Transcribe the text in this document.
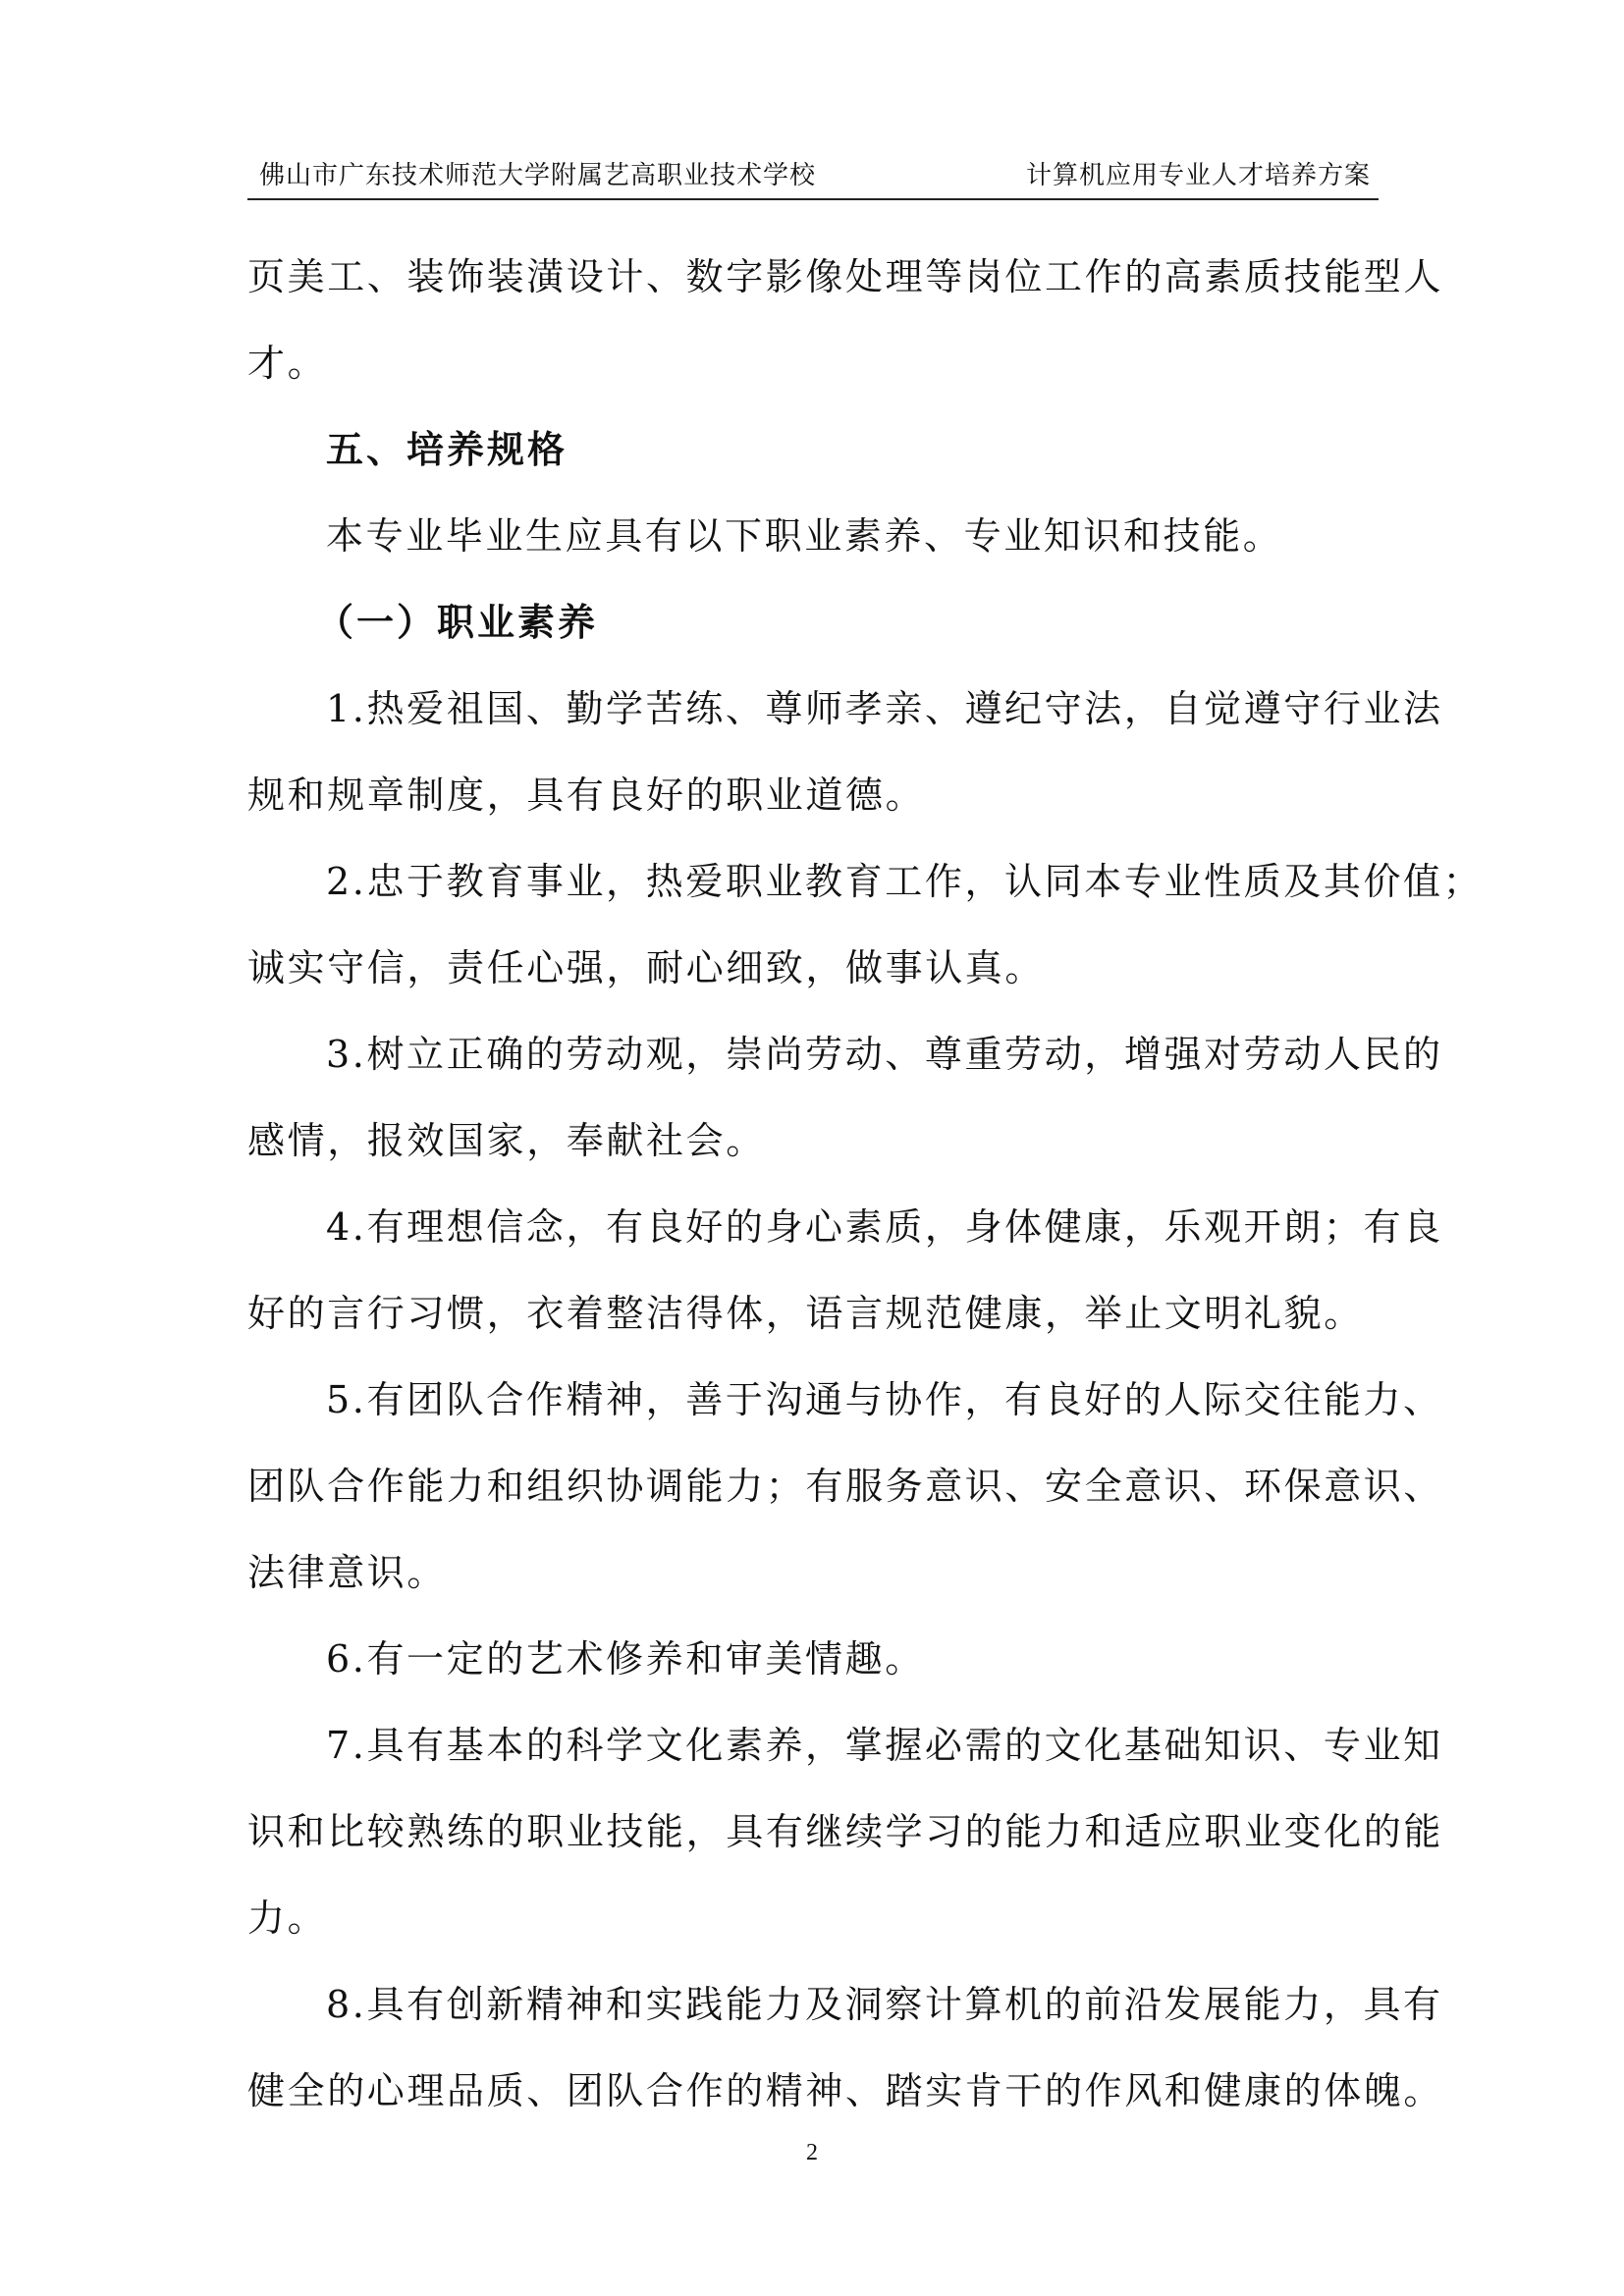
佛山市广东技术师范大学附属艺高职业技术学校	计算机应用专业人才培养方案
页美工、装饰装潢设计、数字影像处理等岗位工作的高素质技能型人
才。
五、培养规格
本专业毕业生应具有以下职业素养、专业知识和技能。
（一）职业素养
1.热爱祖国、勤学苦练、尊师孝亲、遵纪守法，自觉遵守行业法
规和规章制度，具有良好的职业道德。
2.忠于教育事业，热爱职业教育工作，认同本专业性质及其价值；
诚实守信，责任心强，耐心细致，做事认真。
3.树立正确的劳动观，崇尚劳动、尊重劳动，增强对劳动人民的
感情，报效国家，奉献社会。
4.有理想信念，有良好的身心素质，身体健康，乐观开朗；有良
好的言行习惯，衣着整洁得体，语言规范健康，举止文明礼貌。
5.有团队合作精神，善于沟通与协作，有良好的人际交往能力、
团队合作能力和组织协调能力；有服务意识、安全意识、环保意识、
法律意识。
6.有一定的艺术修养和审美情趣。
7.具有基本的科学文化素养，掌握必需的文化基础知识、专业知
识和比较熟练的职业技能，具有继续学习的能力和适应职业变化的能
力。
8.具有创新精神和实践能力及洞察计算机的前沿发展能力，具有
健全的心理品质、团队合作的精神、踏实肯干的作风和健康的体魄。
2
